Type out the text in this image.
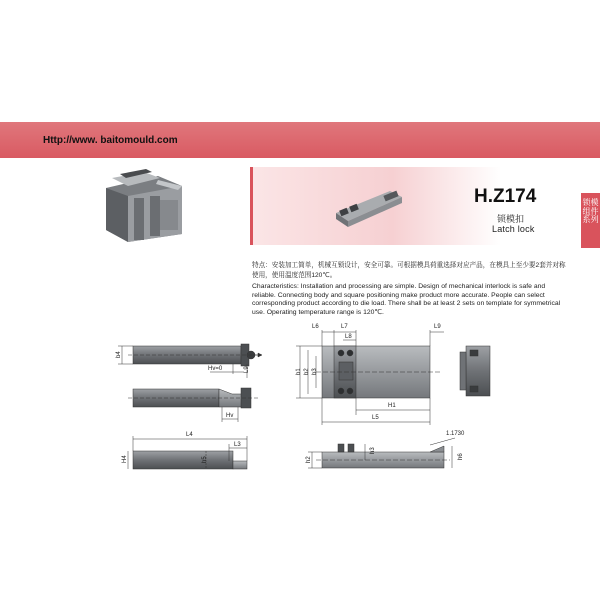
Http://www. baitomould.com
锁模组件系列
H.Z174
锁模扣
Latch lock
特点：安装加工简单，机械互锁设计，安全可靠。可根据模具荷重选择对应产品，在模具上至少要2套并对称使用，使用温度范围120℃。
Characteristics: Installation and processing are simple. Design of mechanical interlock is safe and reliable. Connecting body and square positioning make product more accurate. People can select corresponding product according to die load. There shall be at least 2 sets on template for symmetrical use. Operating temperature range is 120℃.
b4
Hv=0	L9
Hv
L6	L7
L8
L9
b1 b2 b3
H1
L5
L4
L3
H4	h5	h2
h3
h6
1.1730
